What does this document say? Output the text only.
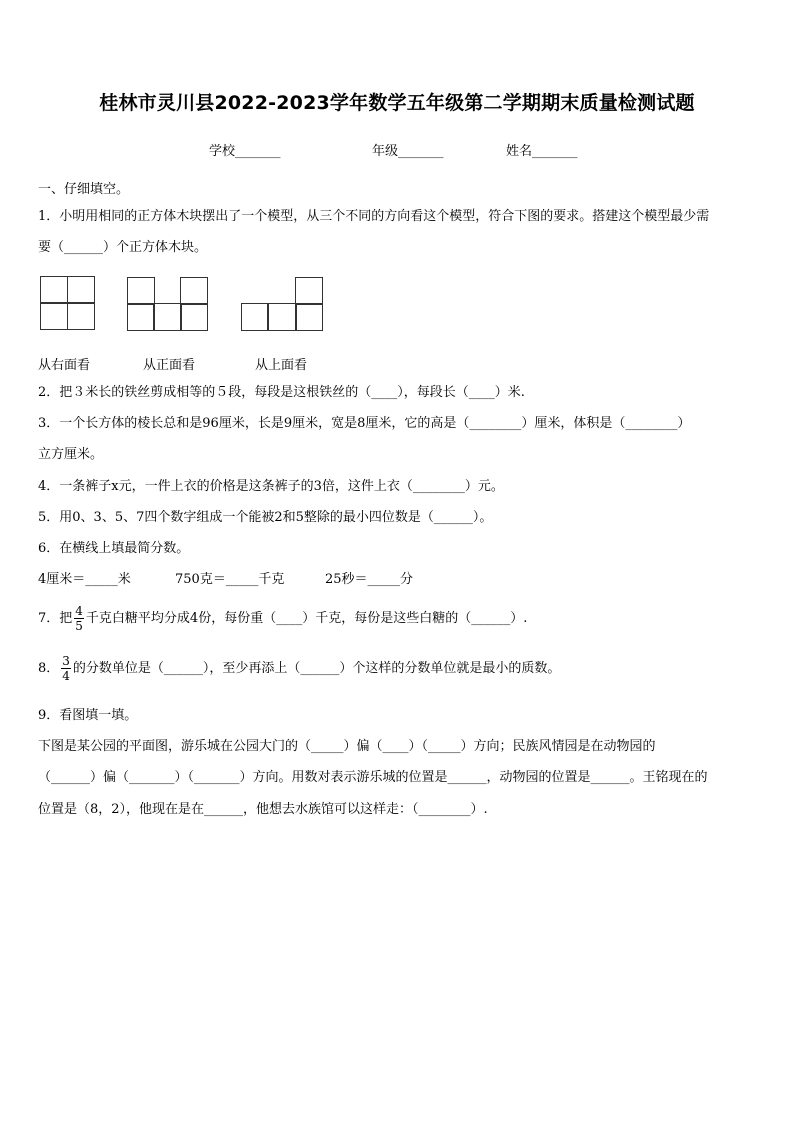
桂林市灵川县2022-2023学年数学五年级第二学期期末质量检测试题
学校_______	年级_______	姓名_______
一、仔细填空。
1．小明用相同的正方体木块摆出了一个模型，从三个不同的方向看这个模型，符合下图的要求。搭建这个模型最少需
要（______）个正方体木块。
从右面看	从正面看	从上面看
2．把３米长的铁丝剪成相等的５段，每段是这根铁丝的（____），每段长（____）米.
3．一个长方体的棱长总和是96厘米，长是9厘米，宽是8厘米，它的高是（________）厘米，体积是（________）
立方厘米。
4．一条裤子x元，一件上衣的价格是这条裤子的3倍，这件上衣（________）元。
5．用0、3、5、7四个数字组成一个能被2和5整除的最小四位数是（______）。
6．在横线上填最简分数。
4厘米＝_____米	750克＝_____千克	25秒＝_____分
7．把 $\frac{4}{5}$ 千克白糖平均分成4份，每份重（____）千克，每份是这些白糖的（______）.
8． $\frac{3}{4}$ 的分数单位是（______），至少再添上（______）个这样的分数单位就是最小的质数。
9．看图填一填。
下图是某公园的平面图，游乐城在公园大门的（_____）偏（____）（_____）方向；民族风情园是在动物园的
（______）偏（_______）（_______）方向。用数对表示游乐城的位置是______，动物园的位置是______。王铭现在的
位置是（8，2），他现在是在______，他想去水族馆可以这样走：（________）.
